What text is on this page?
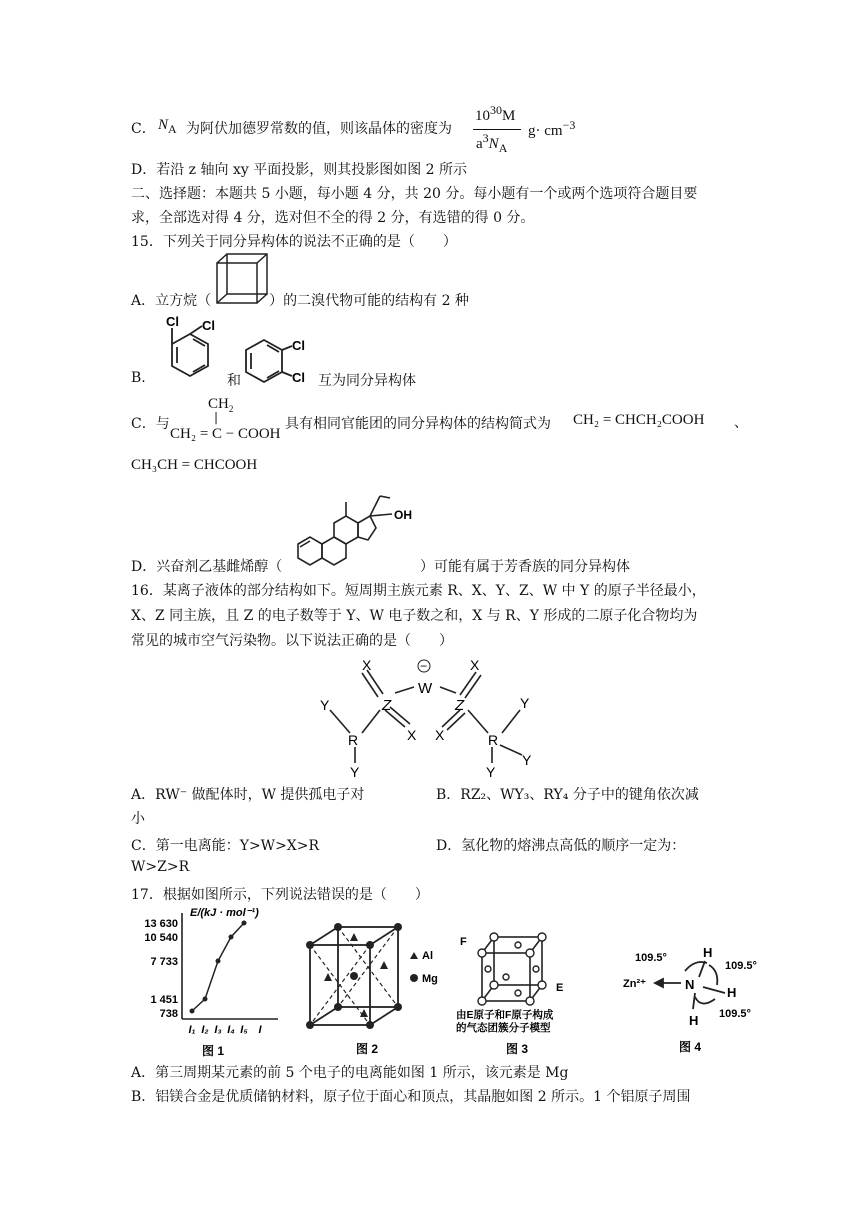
C． $N_A$ 为阿伏加德罗常数的值，则该晶体的密度为
$10^{30}M$
$a^3N_A$
$g\cdot cm^{-3}$
D．若沿 z 轴向 xy 平面投影，则其投影图如图 2 所示
二、选择题：本题共 5 小题，每小题 4 分，共 20 分。每小题有一个或两个选项符合题目要
求，全部选对得 4 分，选对但不全的得 2 分，有选错的得 0 分。
15．下列关于同分异构体的说法不正确的是（　　）
A．立方烷（	）的二溴代物可能的结构有 2 种
B.
Cl Cl
和
Cl
Cl 互为同分异构体
C．与
$CH_2$
|
CH₂ = C − COOH
具有相同官能团的同分异构体的结构简式为 CH₂ = CHCH₂COOH 、
CH₃CH = CHCOOH
D．兴奋剂乙基雌烯醇（
OH
）可能有属于芳香族的同分异构体
16．某离子液体的部分结构如下。短周期主族元素 R、X、Y、Z、W 中 Y 的原子半径最小，
X、Z 同主族，且 Z 的电子数等于 Y、W 电子数之和，X 与 R、Y 形成的二原子化合物均为
常见的城市空气污染物。以下说法正确的是（　　）
X	X
−
W
Z	Z
X X
R	R
Y
Y
Y
Y
Y
A．RW⁻ 做配体时，W 提供孤电子对	B．RZ₂、WY₃、RY₄ 分子中的键角依次减
小
C．第一电离能：Y>W>X>R	D．氢化物的熔沸点高低的顺序一定为：
W>Z>R
17．根据如图所示，下列说法错误的是（　　）
E/(kJ · mol⁻¹)
13 630
10 540
7 733
1 451
738
I₁ I₂ I₃ I₄ I₅ I
图 1
Al
Mg
图 2
F
E
由E原子和F原子构成
的气态团簇分子模型
图 3
H
H
H
N
Zn²⁺
109.5°
109.5°
109.5°
图 4
A．第三周期某元素的前 5 个电子的电离能如图 1 所示，该元素是 Mg
B．铝镁合金是优质储钠材料，原子位于面心和顶点，其晶胞如图 2 所示。1 个铝原子周围
